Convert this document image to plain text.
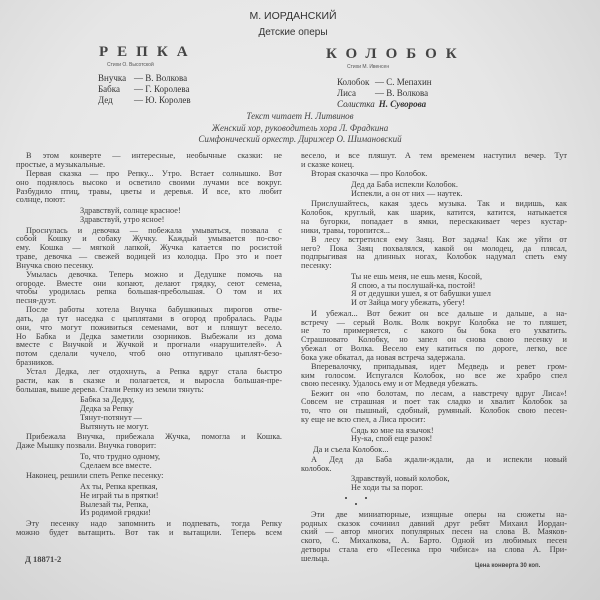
М. ИОРДАНСКИЙ
Детские оперы
РЕПКА
Стихи О. Высотской
Внучка — В. Волкова
Бабка — Г. Королева
Дед — Ю. Королев
КОЛОБОК
Стихи М. Ивенсен
Колобок — С. Мепахин
Лиса — В. Волкова
Солистка Н. Суворова
Текст читает Н. Литвинов
Женский хор, руководитель хора Л. Фрадкина
Симфонический оркестр. Дирижер О. Шимановский
В этом конверте — интересные, необычные сказки: не
простые, а музыкальные.
Первая сказка — про Репку... Утро. Встает солнышко. Вот
оно поднялось высоко и осветило своими лучами все вокруг.
Разбудило птиц, травы, цветы и деревья. И все, кто любит
солнце, поют:
Здравствуй, солнце красное!
Здравствуй, утро ясное!
Проснулась и девочка — побежала умываться, позвала с
собой Кошку и собаку Жучку. Каждый умывается по-сво-
ему. Кошка — мягкой лапкой, Жучка катается по росистой
траве, девочка — свежей водицей из колодца. Про это и поет
Внучка свою песенку.
Умылась девочка. Теперь можно и Дедушке помочь на
огороде. Вместе они копают, делают грядку, сеют семена,
чтобы уродилась репка большая-пребольшая. О том и их
песня-дуэт.
После работы хотела Внучка бабушкиных пирогов отве-
дать, да тут наседка с цыплятами в огород пробралась. Рады
они, что могут поживиться семенами, вот и пляшут весело.
Но Бабка и Дедка заметили озорников. Выбежали из дома
вместе с Внучкой и Жучкой и прогнали «нарушителей». А
потом сделали чучело, чтоб оно отпугивало цыплят-безо-
бразников.
Устал Дедка, лег отдохнуть, а Репка вдруг стала быстро
расти, как в сказке и полагается, и выросла большая-пре-
большая, выше дерева. Стали Репку из земли тянуть:
Бабка за Дедку,
Дедка за Репку
Тянут-потянут —
Вытянуть не могут.
Прибежала Внучка, прибежала Жучка, помогла и Кошка.
Даже Мышку позвали. Внучка говорит:
То, что трудно одному,
Сделаем все вместе.
Наконец, решили спеть Репке песенку:
Ах ты, Репка крепкая,
Не играй ты в прятки!
Вылезай ты, Репка,
Из родимой грядки!
Эту песенку надо запомнить и подпевать, тогда Репку
можно будет вытащить. Вот так и вытащили. Теперь всем
весело, и все пляшут. А тем временем наступил вечер. Тут
и сказке конец.
Вторая сказочка — про Колобок.
Дед да Баба испекли Колобок.
Испекли, а он от них — наутек.
Прислушайтесь, какая здесь музыка. Так и видишь, как
Колобок, круглый, как шарик, катится, катится, натыкается
на бугорки, попадает в ямки, перескакивает через кустар-
ники, травы, торопится...
В лесу встретился ему Заяц. Вот задача! Как же уйти от
него? Пока Заяц похвалялся, какой он молодец, да плясал,
подпрыгивая на длинных ногах, Колобок надумал спеть ему
песенку:
Ты не ешь меня, не ешь меня, Косой,
Я спою, а ты послушай-ка, постой!
Я от дедушки ушел, я от бабушки ушел
И от Зайца могу убежать, убегу!
И убежал... Вот бежит он все дальше и дальше, а на-
встречу — серый Волк. Волк вокруг Колобка не то пляшет,
не то примеряется, с какого бы бока его ухватить.
Страшновато Колобку, но запел он снова свою песенку и
убежал от Волка. Весело ему катиться по дороге, легко, все
бока уже обкатал, да новая встреча задержала.
Вперевалочку, припадывая, идет Медведь и ревет гром-
ким голосом. Испугался Колобок, но все же храбро спел
свою песенку. Удалось ему и от Медведя убежать.
Бежит он «по болотам, по лесам, а навстречу вдруг Лиса»!
Совсем не страшная и поет так сладко и хвалит Колобок за
то, что он пышный, сдобный, румяный. Колобок свою песен-
ку еще не всю спел, а Лиса просит:
Сядь ко мне на язычок!
Ну-ка, спой еще разок!
Да и съела Колобок...
А Дед да Баба ждали-ждали, да и испекли новый
колобок.
Здравствуй, новый колобок,
Не ходи ты за порог.
Эти две миниатюрные, изящные оперы на сюжеты на-
родных сказок сочинил давний друг ребят Михаил Иордан-
ский — автор многих популярных песен на слова В. Маяков-
ского, С. Михалкова, А. Барто. Одной из любимых песен
детворы стала его «Песенка про чибиса» на слова А. При-
шельца.
Д 18871-2
Цена конверта 30 коп.
